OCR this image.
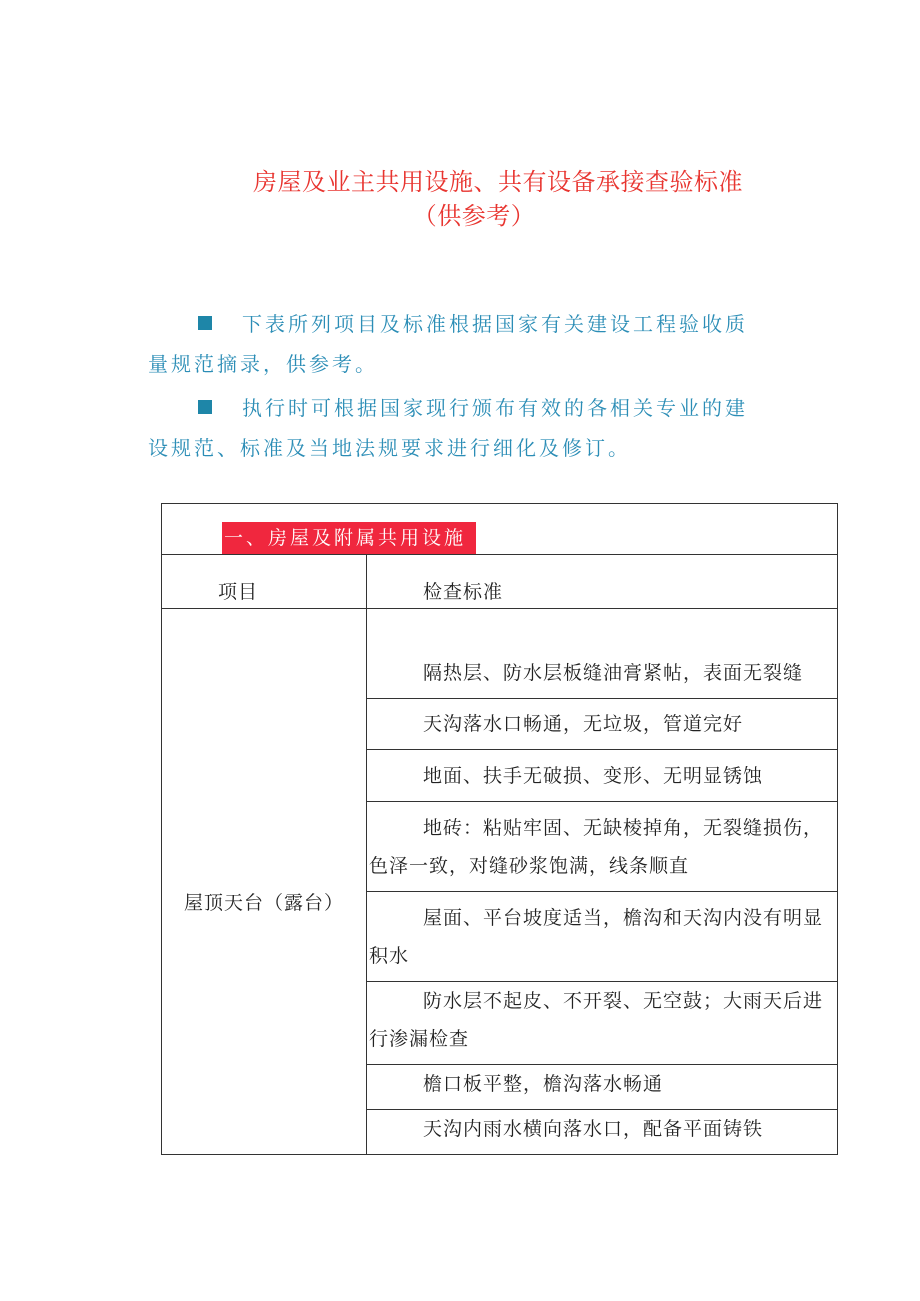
房屋及业主共用设施、共有设备承接查验标准
（供参考）

下表所列项目及标准根据国家有关建设工程验收质量规范摘录，供参考。

执行时可根据国家现行颁布有效的各相关专业的建设规范、标准及当地法规要求进行细化及修订。

一、房屋及附属共用设施	
项目	检查标准
屋顶天台（露台）	隔热层、防水层板缝油膏紧帖，表面无裂缝
	天沟落水口畅通，无垃圾，管道完好
	地面、扶手无破损、变形、无明显锈蚀
	地砖：粘贴牢固、无缺棱掉角，无裂缝损伤，色泽一致，对缝砂浆饱满，线条顺直
	屋面、平台坡度适当，檐沟和天沟内没有明显积水
	防水层不起皮、不开裂、无空鼓；大雨天后进行渗漏检查
	檐口板平整，檐沟落水畅通
	天沟内雨水横向落水口，配备平面铸铁
